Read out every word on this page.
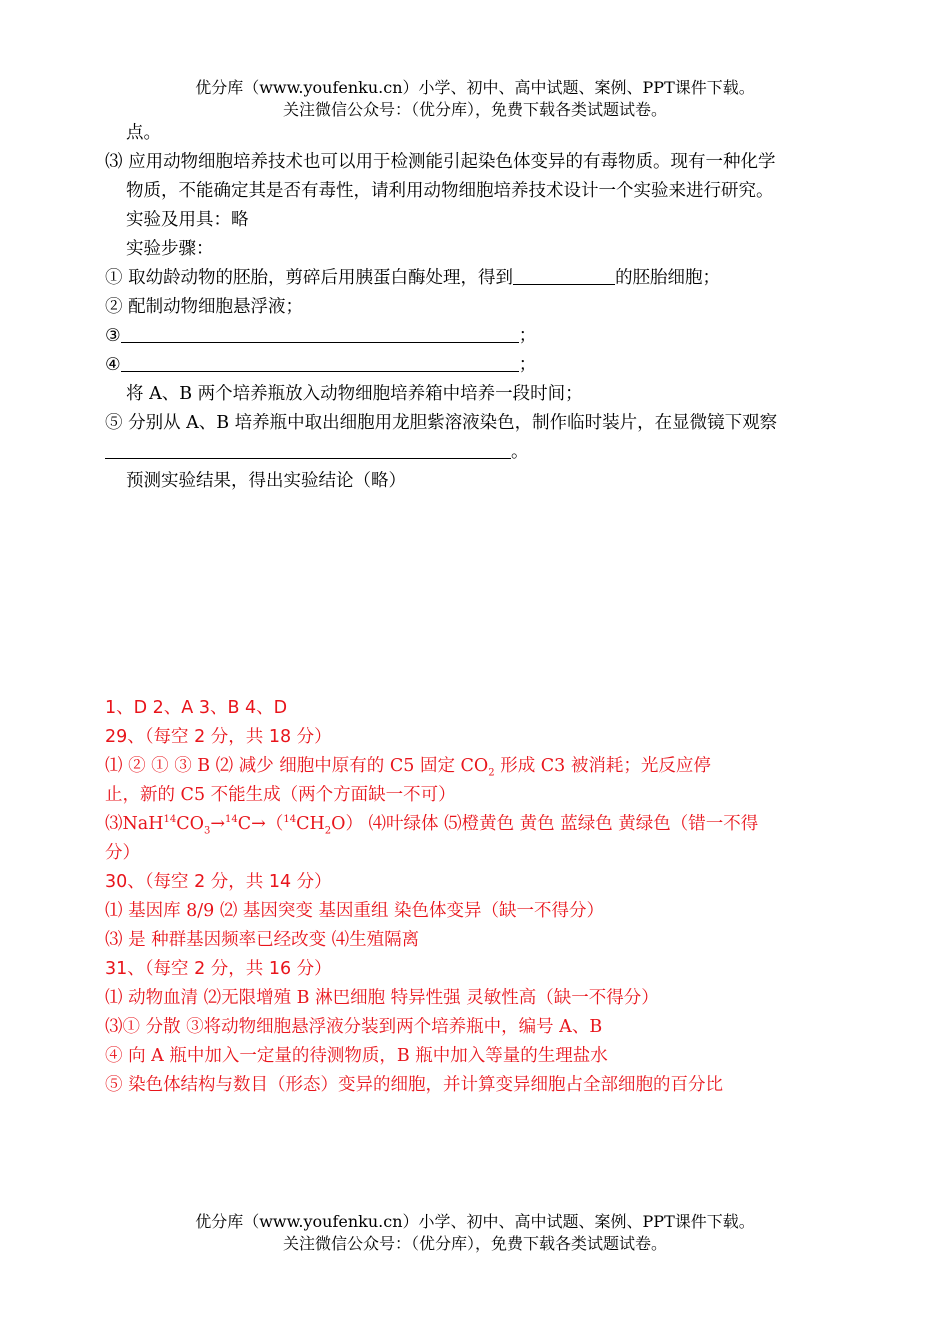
优分库（www.youfenku.cn）小学、初中、高中试题、案例、PPT课件下载。
关注微信公众号：（优分库），免费下载各类试题试卷。
点。
⑶ 应用动物细胞培养技术也可以用于检测能引起染色体变异的有毒物质。现有一种化学
物质，不能确定其是否有毒性，请利用动物细胞培养技术设计一个实验来进行研究。
实验及用具：略
实验步骤：
① 取幼龄动物的胚胎，剪碎后用胰蛋白酶处理，得到	的胚胎细胞；
② 配制动物细胞悬浮液；
③	；
④	；
将 A、B 两个培养瓶放入动物细胞培养箱中培养一段时间；
⑤ 分别从 A、B 培养瓶中取出细胞用龙胆紫溶液染色，制作临时装片，在显微镜下观察
。
预测实验结果，得出实验结论（略）
1、D 2、A 3、B 4、D
29、（每空 2 分，共 18 分）
⑴ ② ① ③ B ⑵ 减少 细胞中原有的 C5 固定 $CO_2$ 形成 C3 被消耗；光反应停
止，新的 C5 不能生成（两个方面缺一不可）
$⑶NaH^{14}CO_3\to^{14}C\to(^{14}CH_2O)$ ⑷叶绿体 ⑸橙黄色 黄色 蓝绿色 黄绿色（错一不得
分）
30、（每空 2 分，共 14 分）
⑴ 基因库 8/9 ⑵ 基因突变 基因重组 染色体变异（缺一不得分）
⑶ 是 种群基因频率已经改变 ⑷生殖隔离
31、（每空 2 分，共 16 分）
⑴ 动物血清 ⑵无限增殖 B 淋巴细胞 特异性强 灵敏性高（缺一不得分）
⑶① 分散 ③将动物细胞悬浮液分装到两个培养瓶中，编号 A、B
④ 向 A 瓶中加入一定量的待测物质，B 瓶中加入等量的生理盐水
⑤ 染色体结构与数目（形态）变异的细胞，并计算变异细胞占全部细胞的百分比
优分库（www.youfenku.cn）小学、初中、高中试题、案例、PPT课件下载。
关注微信公众号：（优分库），免费下载各类试题试卷。
